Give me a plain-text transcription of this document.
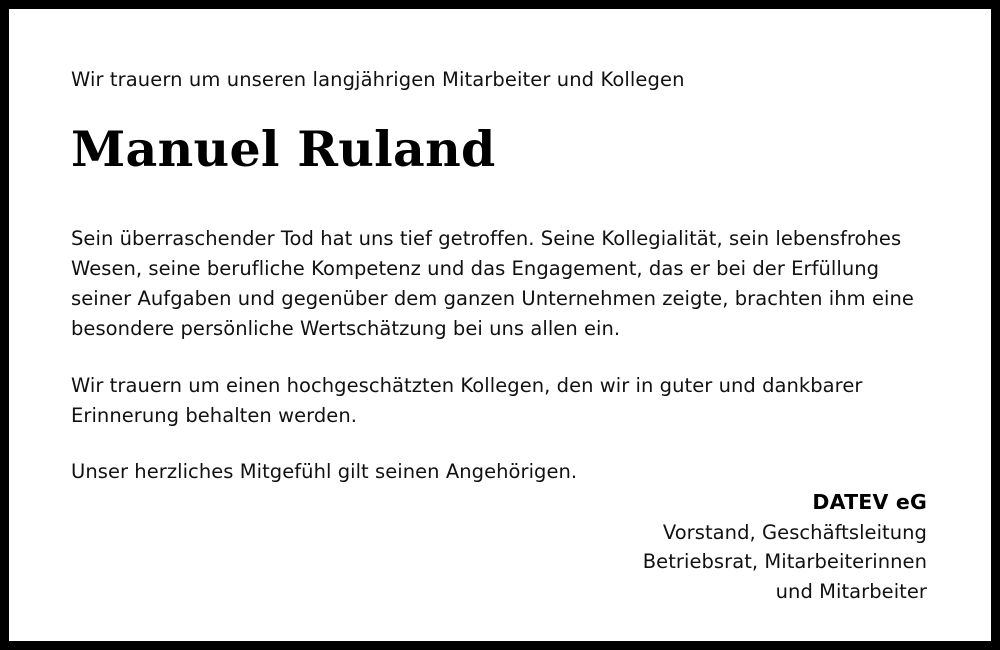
Wir trauern um unseren langjährigen Mitarbeiter und Kollegen

Manuel Ruland

Sein überraschender Tod hat uns tief getroffen. Seine Kollegialität, sein lebensfrohes Wesen, seine berufliche Kompetenz und das Engagement, das er bei der Erfüllung seiner Aufgaben und gegenüber dem ganzen Unternehmen zeigte, brachten ihm eine besondere persönliche Wertschätzung bei uns allen ein.

Wir trauern um einen hochgeschätzten Kollegen, den wir in guter und dankbarer Erinnerung behalten werden.

Unser herzliches Mitgefühl gilt seinen Angehörigen.

DATEV eG
Vorstand, Geschäftsleitung
Betriebsrat, Mitarbeiterinnen
und Mitarbeiter
